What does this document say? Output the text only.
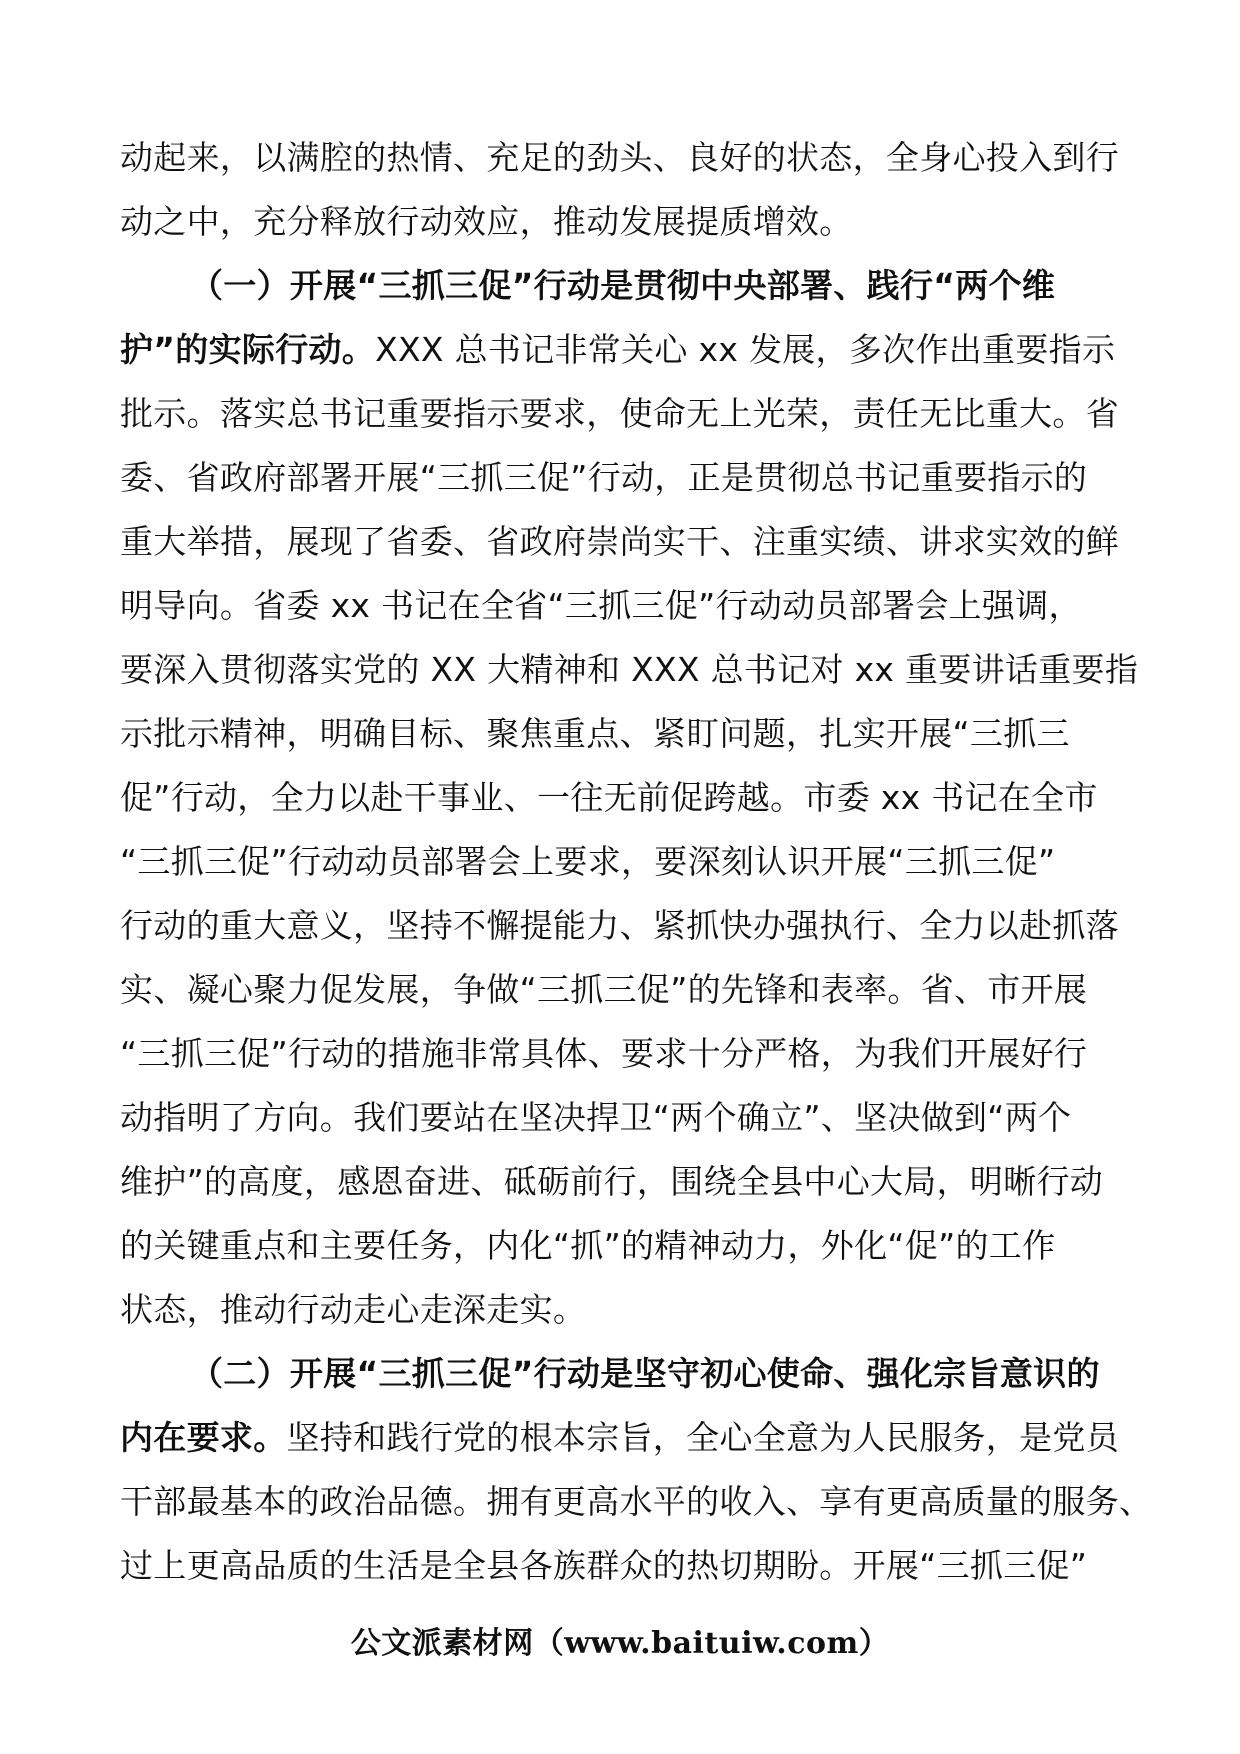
动起来，以满腔的热情、充足的劲头、良好的状态，全身心投入到行
动之中，充分释放行动效应，推动发展提质增效。
（一）开展“三抓三促”行动是贯彻中央部署、践行“两个维
护”的实际行动。XXX 总书记非常关心 xx 发展，多次作出重要指示
批示。落实总书记重要指示要求，使命无上光荣，责任无比重大。省
委、省政府部署开展“三抓三促”行动，正是贯彻总书记重要指示的
重大举措，展现了省委、省政府崇尚实干、注重实绩、讲求实效的鲜
明导向。省委 xx 书记在全省“三抓三促”行动动员部署会上强调，
要深入贯彻落实党的 XX 大精神和 XXX 总书记对 xx 重要讲话重要指
示批示精神，明确目标、聚焦重点、紧盯问题，扎实开展“三抓三
促”行动，全力以赴干事业、一往无前促跨越。市委 xx 书记在全市
“三抓三促”行动动员部署会上要求，要深刻认识开展“三抓三促”
行动的重大意义，坚持不懈提能力、紧抓快办强执行、全力以赴抓落
实、凝心聚力促发展，争做“三抓三促”的先锋和表率。省、市开展
“三抓三促”行动的措施非常具体、要求十分严格，为我们开展好行
动指明了方向。我们要站在坚决捍卫“两个确立”、坚决做到“两个
维护”的高度，感恩奋进、砥砺前行，围绕全县中心大局，明晰行动
的关键重点和主要任务，内化“抓”的精神动力，外化“促”的工作
状态，推动行动走心走深走实。
（二）开展“三抓三促”行动是坚守初心使命、强化宗旨意识的
内在要求。坚持和践行党的根本宗旨，全心全意为人民服务，是党员
干部最基本的政治品德。拥有更高水平的收入、享有更高质量的服务、
过上更高品质的生活是全县各族群众的热切期盼。开展“三抓三促”
公文派素材网（www.baituiw.com）
